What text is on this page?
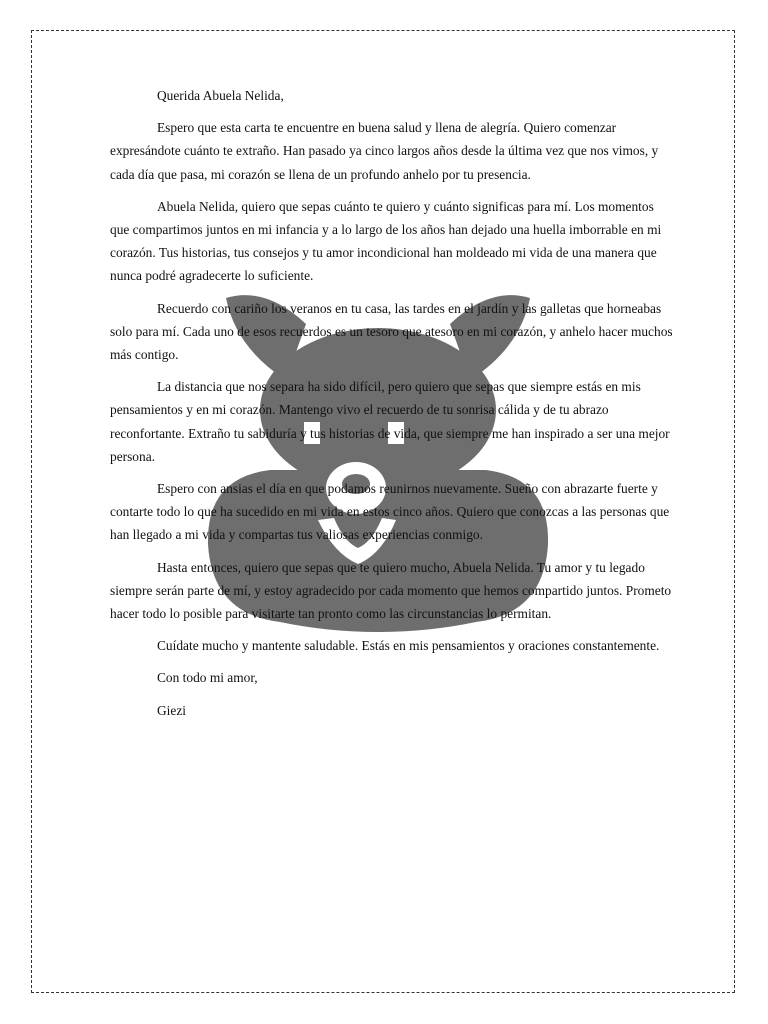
Querida Abuela Nelida,

Espero que esta carta te encuentre en buena salud y llena de alegría. Quiero comenzar expresándote cuánto te extraño. Han pasado ya cinco largos años desde la última vez que nos vimos, y cada día que pasa, mi corazón se llena de un profundo anhelo por tu presencia.

Abuela Nelida, quiero que sepas cuánto te quiero y cuánto significas para mí. Los momentos que compartimos juntos en mi infancia y a lo largo de los años han dejado una huella imborrable en mi corazón. Tus historias, tus consejos y tu amor incondicional han moldeado mi vida de una manera que nunca podré agradecerte lo suficiente.

Recuerdo con cariño los veranos en tu casa, las tardes en el jardín y las galletas que horneabas solo para mí. Cada uno de esos recuerdos es un tesoro que atesoro en mi corazón, y anhelo hacer muchos más contigo.

La distancia que nos separa ha sido difícil, pero quiero que sepas que siempre estás en mis pensamientos y en mi corazón. Mantengo vivo el recuerdo de tu sonrisa cálida y de tu abrazo reconfortante. Extraño tu sabiduría y tus historias de vida, que siempre me han inspirado a ser una mejor persona.

Espero con ansias el día en que podamos reunirnos nuevamente. Sueño con abrazarte fuerte y contarte todo lo que ha sucedido en mi vida en estos cinco años. Quiero que conozcas a las personas que han llegado a mi vida y compartas tus valiosas experiencias conmigo.

Hasta entonces, quiero que sepas que te quiero mucho, Abuela Nelida. Tu amor y tu legado siempre serán parte de mí, y estoy agradecido por cada momento que hemos compartido juntos. Prometo hacer todo lo posible para visitarte tan pronto como las circunstancias lo permitan.

Cuídate mucho y mantente saludable. Estás en mis pensamientos y oraciones constantemente.

Con todo mi amor,

Giezi
